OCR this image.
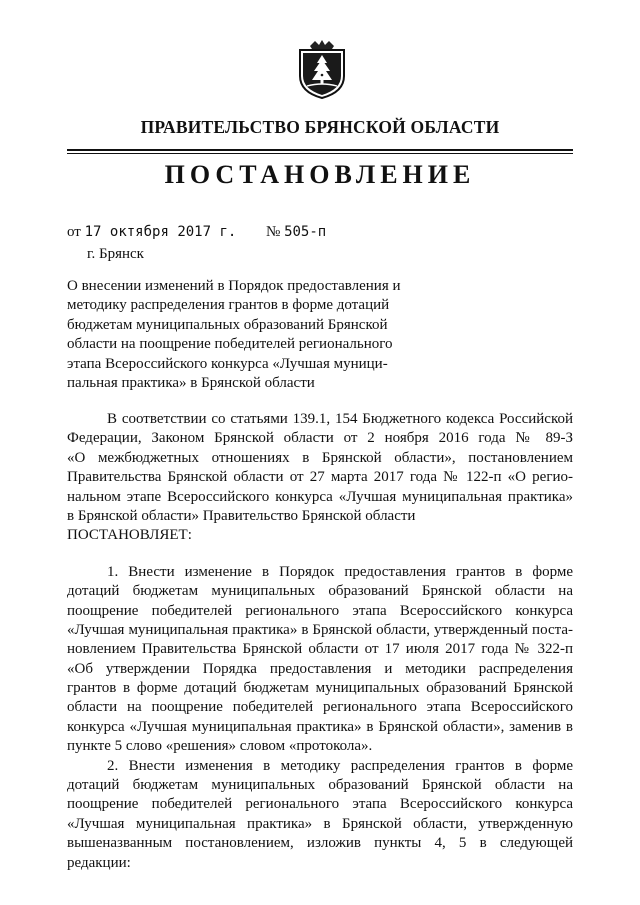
ПРАВИТЕЛЬСТВО БРЯНСКОЙ ОБЛАСТИ
ПОСТАНОВЛЕНИЕ
от 17 октября 2017 г. № 505-п
г. Брянск
О внесении изменений в Порядок предоставления и
методику распределения грантов в форме дотаций
бюджетам муниципальных образований Брянской
области на поощрение победителей регионального
этапа Всероссийского конкурса «Лучшая муници-
пальная практика» в Брянской области
В соответствии со статьями 139.1, 154 Бюджетного кодекса Российской
Федерации, Законом Брянской области от 2 ноября 2016 года № 89-З
«О межбюджетных отношениях в Брянской области», постановлением
Правительства Брянской области от 27 марта 2017 года № 122-п «О регио-
нальном этапе Всероссийского конкурса «Лучшая муниципальная практика»
в Брянской области» Правительство Брянской области
ПОСТАНОВЛЯЕТ:
1. Внести изменение в Порядок предоставления грантов в форме
дотаций бюджетам муниципальных образований Брянской области на
поощрение победителей регионального этапа Всероссийского конкурса
«Лучшая муниципальная практика» в Брянской области, утвержденный поста-
новлением Правительства Брянской области от 17 июля 2017 года № 322-п
«Об утверждении Порядка предоставления и методики распределения
грантов в форме дотаций бюджетам муниципальных образований Брянской
области на поощрение победителей регионального этапа Всероссийского
конкурса «Лучшая муниципальная практика» в Брянской области», заменив в
пункте 5 слово «решения» словом «протокола».
2. Внести изменения в методику распределения грантов в форме
дотаций бюджетам муниципальных образований Брянской области на
поощрение победителей регионального этапа Всероссийского конкурса
«Лучшая муниципальная практика» в Брянской области, утвержденную
вышеназванным постановлением, изложив пункты 4, 5 в следующей
редакции:
